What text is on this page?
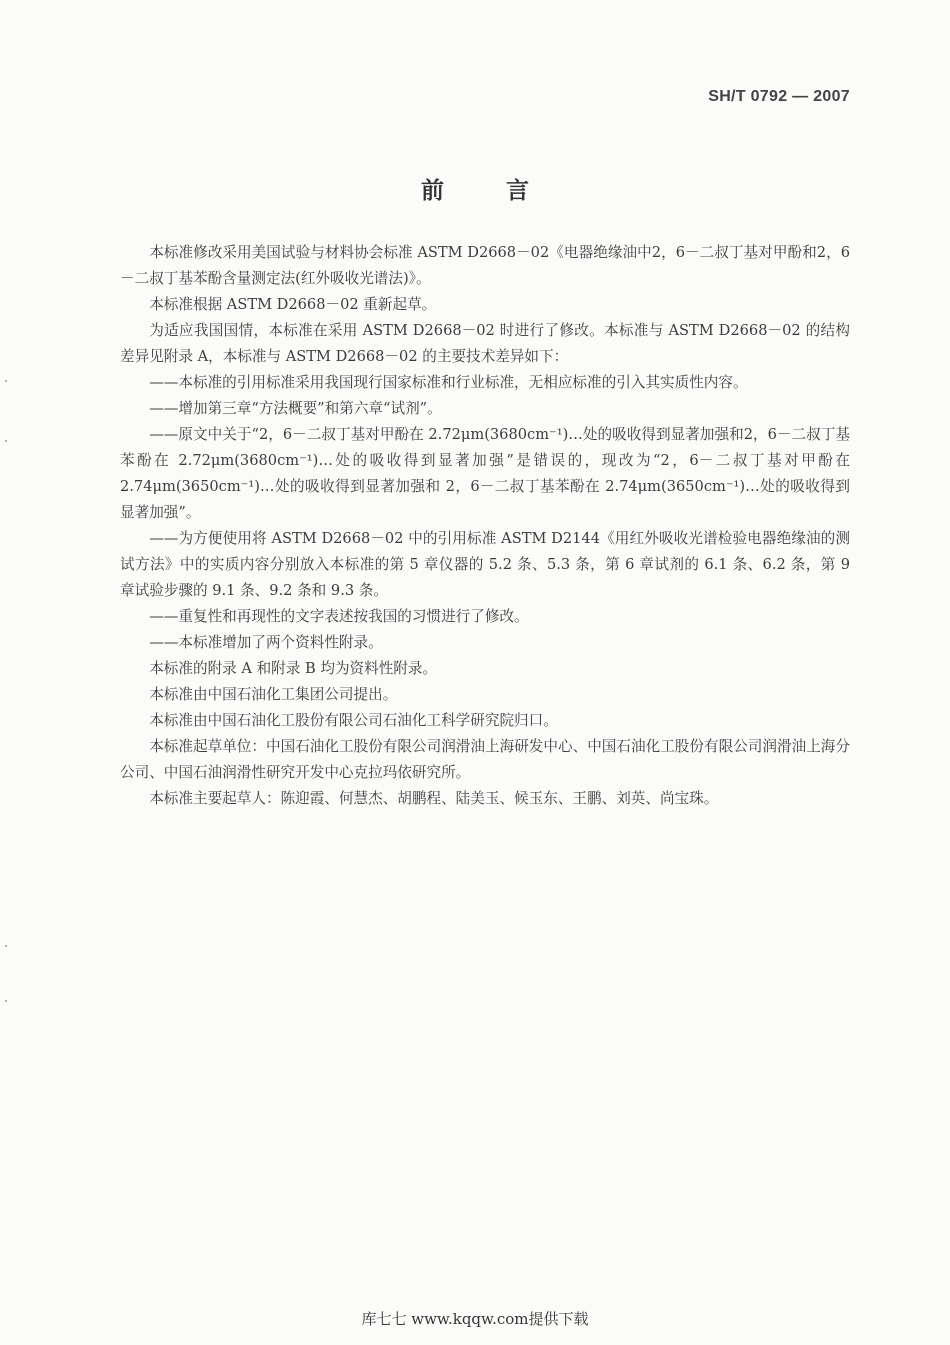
SH/T 0792 — 2007
前言

本标准修改采用美国试验与材料协会标准 ASTM D2668－02《电器绝缘油中2，6－二叔丁基对甲酚和2，6－二叔丁基苯酚含量测定法(红外吸收光谱法)》。

本标准根据 ASTM D2668－02 重新起草。

为适应我国国情，本标准在采用 ASTM D2668－02 时进行了修改。本标准与 ASTM D2668－02 的结构差异见附录 A，本标准与 ASTM D2668－02 的主要技术差异如下：

——本标准的引用标准采用我国现行国家标准和行业标准，无相应标准的引入其实质性内容。

——增加第三章“方法概要”和第六章“试剂”。

——原文中关于“2，6－二叔丁基对甲酚在 2.72μm(3680cm⁻¹)…处的吸收得到显著加强和2，6－二叔丁基苯酚在 2.72μm(3680cm⁻¹)…处的吸收得到显著加强”是错误的，现改为“2，6－二叔丁基对甲酚在 2.74μm(3650cm⁻¹)…处的吸收得到显著加强和 2，6－二叔丁基苯酚在 2.74μm(3650cm⁻¹)…处的吸收得到显著加强”。

——为方便使用将 ASTM D2668－02 中的引用标准 ASTM D2144《用红外吸收光谱检验电器绝缘油的测试方法》中的实质内容分别放入本标准的第 5 章仪器的 5.2 条、5.3 条，第 6 章试剂的 6.1 条、6.2 条，第 9 章试验步骤的 9.1 条、9.2 条和 9.3 条。

——重复性和再现性的文字表述按我国的习惯进行了修改。

——本标准增加了两个资料性附录。

本标准的附录 A 和附录 B 均为资料性附录。

本标准由中国石油化工集团公司提出。

本标准由中国石油化工股份有限公司石油化工科学研究院归口。

本标准起草单位：中国石油化工股份有限公司润滑油上海研发中心、中国石油化工股份有限公司润滑油上海分公司、中国石油润滑性研究开发中心克拉玛依研究所。

本标准主要起草人：陈迎霞、何慧杰、胡鹏程、陆美玉、候玉东、王鹏、刘英、尚宝珠。

库七七 www.kqqw.com提供下载
